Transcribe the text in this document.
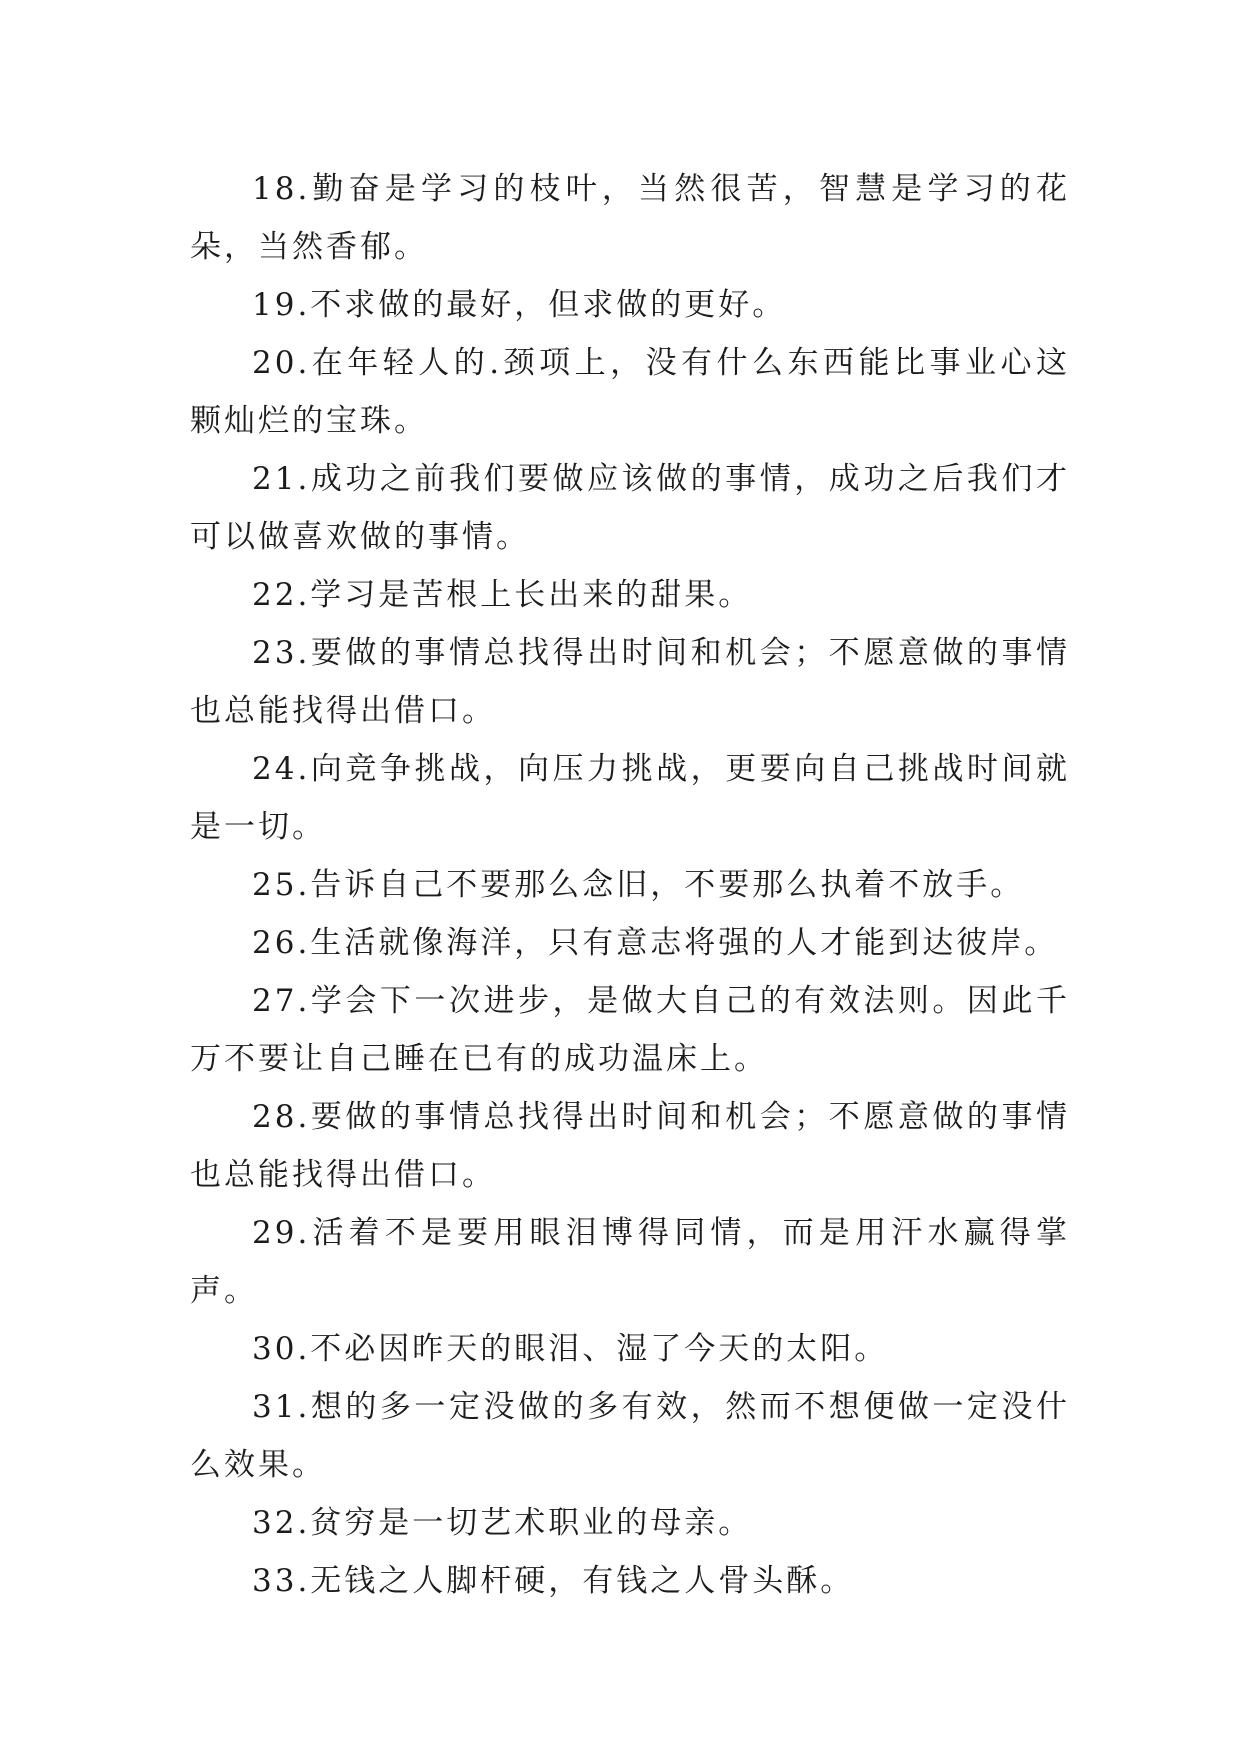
18.勤奋是学习的枝叶，当然很苦，智慧是学习的花朵，当然香郁。

19.不求做的最好，但求做的更好。

20.在年轻人的.颈项上，没有什么东西能比事业心这颗灿烂的宝珠。

21.成功之前我们要做应该做的事情，成功之后我们才可以做喜欢做的事情。

22.学习是苦根上长出来的甜果。

23.要做的事情总找得出时间和机会；不愿意做的事情也总能找得出借口。

24.向竞争挑战，向压力挑战，更要向自己挑战时间就是一切。

25.告诉自己不要那么念旧，不要那么执着不放手。

26.生活就像海洋，只有意志将强的人才能到达彼岸。

27.学会下一次进步，是做大自己的有效法则。因此千万不要让自己睡在已有的成功温床上。

28.要做的事情总找得出时间和机会；不愿意做的事情也总能找得出借口。

29.活着不是要用眼泪博得同情，而是用汗水赢得掌声。

30.不必因昨天的眼泪、湿了今天的太阳。

31.想的多一定没做的多有效，然而不想便做一定没什么效果。

32.贫穷是一切艺术职业的母亲。

33.无钱之人脚杆硬，有钱之人骨头酥。
